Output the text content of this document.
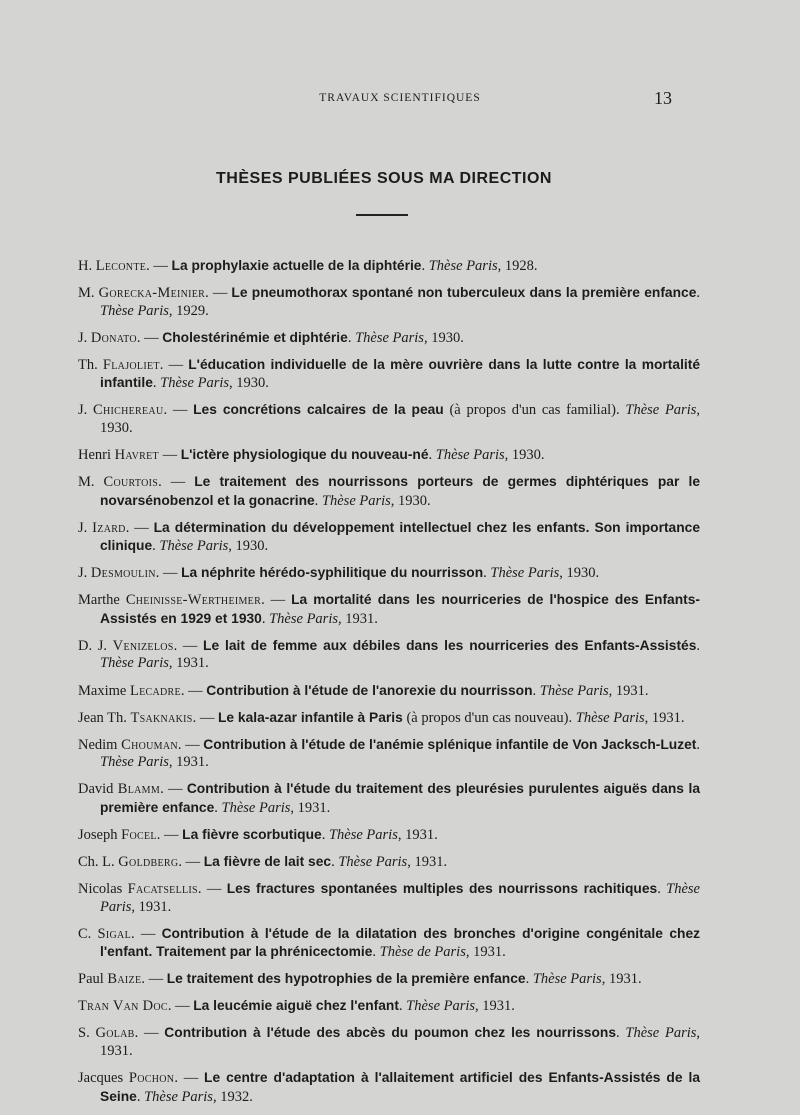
TRAVAUX SCIENTIFIQUES	13
THÈSES PUBLIÉES SOUS MA DIRECTION
H. Leconte. — La prophylaxie actuelle de la diphtérie. Thèse Paris, 1928.
M. Gorecka-Meinier. — Le pneumothorax spontané non tuberculeux dans la première enfance. Thèse Paris, 1929.
J. Donato. — Cholestérinémie et diphtérie. Thèse Paris, 1930.
Th. Flajoliet. — L'éducation individuelle de la mère ouvrière dans la lutte contre la mortalité infantile. Thèse Paris, 1930.
J. Chichereau. — Les concrétions calcaires de la peau (à propos d'un cas familial). Thèse Paris, 1930.
Henri Havret — L'ictère physiologique du nouveau-né. Thèse Paris, 1930.
M. Courtois. — Le traitement des nourrissons porteurs de germes diphtériques par le novarsénobenzol et la gonacrine. Thèse Paris, 1930.
J. Izard. — La détermination du développement intellectuel chez les enfants. Son importance clinique. Thèse Paris, 1930.
J. Desmoulin. — La néphrite hérédo-syphilitique du nourrisson. Thèse Paris, 1930.
Marthe Cheinisse-Wertheimer. — La mortalité dans les nourriceries de l'hospice des Enfants-Assistés en 1929 et 1930. Thèse Paris, 1931.
D. J. Venizelos. — Le lait de femme aux débiles dans les nourriceries des Enfants-Assistés. Thèse Paris, 1931.
Maxime Lecadre. — Contribution à l'étude de l'anorexie du nourrisson. Thèse Paris, 1931.
Jean Th. Tsaknakis. — Le kala-azar infantile à Paris (à propos d'un cas nouveau). Thèse Paris, 1931.
Nedim Chouman. — Contribution à l'étude de l'anémie splénique infantile de Von Jacksch-Luzet. Thèse Paris, 1931.
David Blamm. — Contribution à l'étude du traitement des pleurésies purulentes aiguës dans la première enfance. Thèse Paris, 1931.
Joseph Focel. — La fièvre scorbutique. Thèse Paris, 1931.
Ch. L. Goldberg. — La fièvre de lait sec. Thèse Paris, 1931.
Nicolas Facatsellis. — Les fractures spontanées multiples des nourrissons rachitiques. Thèse Paris, 1931.
C. Sigal. — Contribution à l'étude de la dilatation des bronches d'origine congénitale chez l'enfant. Traitement par la phrénicectomie. Thèse de Paris, 1931.
Paul Baize. — Le traitement des hypotrophies de la première enfance. Thèse Paris, 1931.
Tran Van Doc. — La leucémie aiguë chez l'enfant. Thèse Paris, 1931.
S. Golab. — Contribution à l'étude des abcès du poumon chez les nourrissons. Thèse Paris, 1931.
Jacques Pochon. — Le centre d'adaptation à l'allaitement artificiel des Enfants-Assistés de la Seine. Thèse Paris, 1932.
